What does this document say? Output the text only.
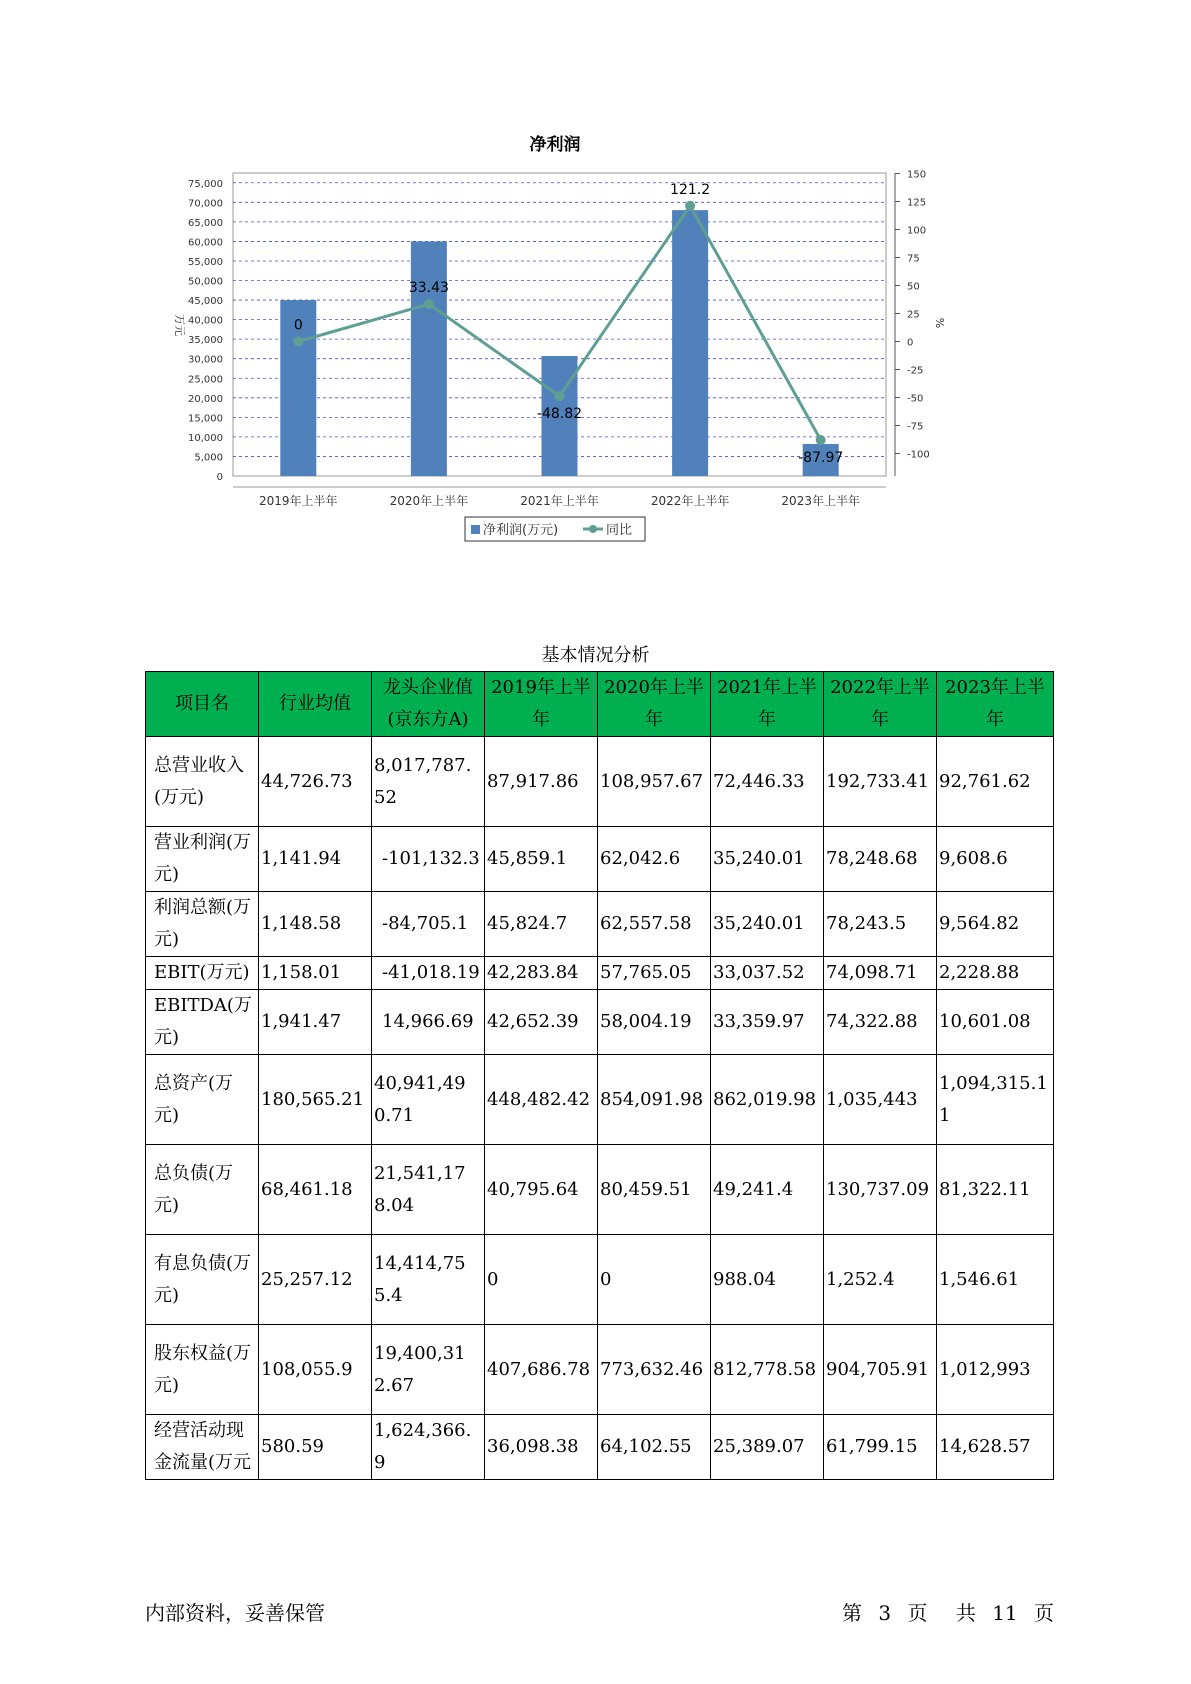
0
5,000
10,000
15,000
20,000
25,000
30,000
35,000
40,000
45,000
50,000
55,000
60,000
65,000
70,000
75,000
-100
-75
-50
-25
0
25
50
75
100
125
150
万元	%
净利润
2019年上半年	2020年上半年	2021年上半年	2022年上半年	2023年上半年
0
33.43
-48.82
121.2
-87.97
净利润(万元)	同比
基本情况分析
项目名	行业均值	龙头企业值(京东方A)	2019年上半年	2020年上半年	2021年上半年	2022年上半年	2023年上半年
总营业收入(万元)	44,726.73	8,017,787.52	87,917.86	108,957.67	72,446.33	192,733.41	92,761.62
营业利润(万元)	1,141.94	-101,132.3	45,859.1	62,042.6	35,240.01	78,248.68	9,608.6
利润总额(万元)	1,148.58	-84,705.1	45,824.7	62,557.58	35,240.01	78,243.5	9,564.82
EBIT(万元)	1,158.01	-41,018.19	42,283.84	57,765.05	33,037.52	74,098.71	2,228.88
EBITDA(万元)	1,941.47	14,966.69	42,652.39	58,004.19	33,359.97	74,322.88	10,601.08
总资产(万元)	180,565.21	40,941,490.71	448,482.42	854,091.98	862,019.98	1,035,443	1,094,315.11
总负债(万元)	68,461.18	21,541,178.04	40,795.64	80,459.51	49,241.4	130,737.09	81,322.11
有息负债(万元)	25,257.12	14,414,755.4	0	0	988.04	1,252.4	1,546.61
股东权益(万元)	108,055.9	19,400,312.67	407,686.78	773,632.46	812,778.58	904,705.91	1,012,993
经营活动现金流量(万元	580.59	1,624,366.9	36,098.38	64,102.55	25,389.07	61,799.15	14,628.57
内部资料，妥善保管	第 3 页 共 11 页
